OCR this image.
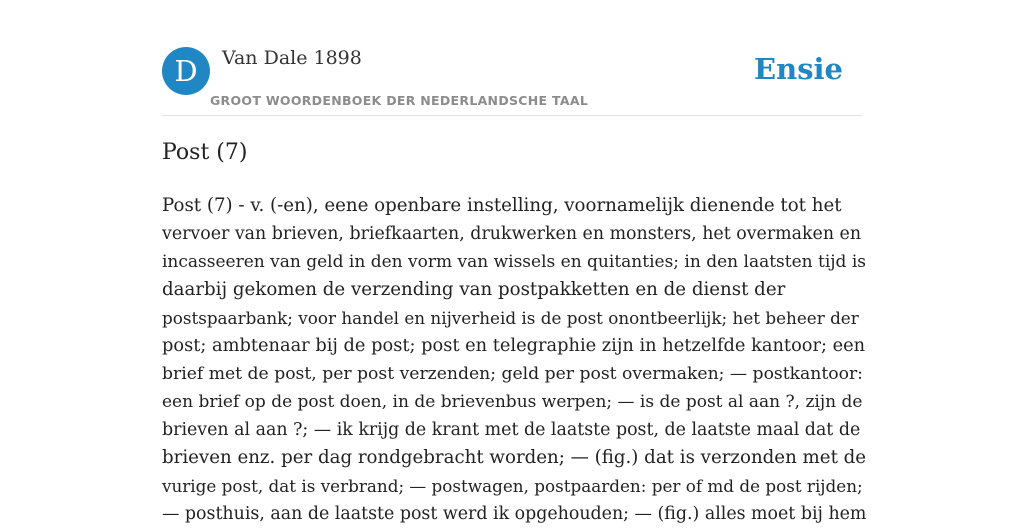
D	Van Dale 1898
GROOT WOORDENBOEK DER NEDERLANDSCHE TAAL
Ensie
Post (7)
Post (7) - v. (-en), eene openbare instelling, voornamelijk dienende tot het
vervoer van brieven, briefkaarten, drukwerken en monsters, het overmaken en
incasseeren van geld in den vorm van wissels en quitanties; in den laatsten tijd is
daarbij gekomen de verzending van postpakketten en de dienst der
postspaarbank; voor handel en nijverheid is de post onontbeerlijk; het beheer der
post; ambtenaar bij de post; post en telegraphie zijn in hetzelfde kantoor; een
brief met de post, per post verzenden; geld per post overmaken; — postkantoor:
een brief op de post doen, in de brievenbus werpen; — is de post al aan ?, zijn de
brieven al aan ?; — ik krijg de krant met de laatste post, de laatste maal dat de
brieven enz. per dag rondgebracht worden; — (fig.) dat is verzonden met de
vurige post, dat is verbrand; — postwagen, postpaarden: per of md de post rijden;
— posthuis, aan de laatste post werd ik opgehouden; — (fig.) alles moet bij hem
